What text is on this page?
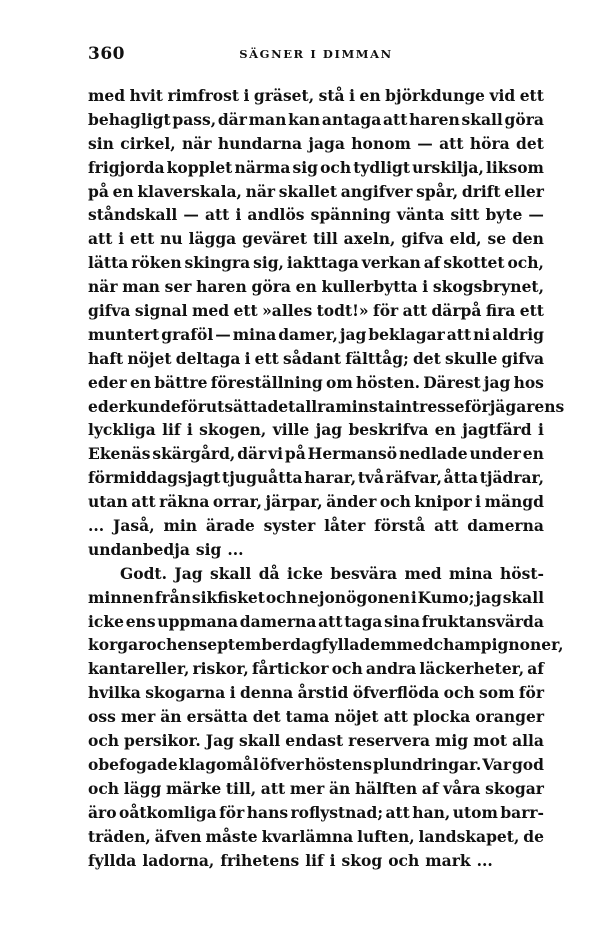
360	SÄGNER I DIMMAN
med hvit rimfrost i gräset, stå i en björkdunge vid ett
behagligt pass, där man kan antaga att haren skall göra
sin cirkel, när hundarna jaga honom — att höra det
frigjorda kopplet närma sig och tydligt urskilja, liksom
på en klaverskala, när skallet angifver spår, drift eller
ståndskall — att i andlös spänning vänta sitt byte —
att i ett nu lägga geväret till axeln, gifva eld, se den
lätta röken skingra sig, iakttaga verkan af skottet och,
när man ser haren göra en kullerbytta i skogsbrynet,
gifva signal med ett »alles todt!» för att därpå fira ett
muntert graföl — mina damer, jag beklagar att ni aldrig
haft nöjet deltaga i ett sådant fälttåg; det skulle gifva
eder en bättre föreställning om hösten. Därest jag hos
eder kunde förutsätta det allraminsta intresse för jägarens
lyckliga lif i skogen, ville jag beskrifva en jagtfärd i
Ekenäs skärgård, där vi på Hermansö nedlade under en
förmiddagsjagt tjuguåtta harar, två räfvar, åtta tjädrar,
utan att räkna orrar, järpar, änder och knipor i mängd
... Jaså, min ärade syster låter förstå att damerna
undanbedja sig ...
Godt. Jag skall då icke besvära med mina höst-
minnen från sikfisket och nejonögonen i Kumo; jag skall
icke ens uppmana damerna att taga sina fruktansvärda
korgar och en septemberdag fylla dem med champignoner,
kantareller, riskor, fårtickor och andra läckerheter, af
hvilka skogarna i denna årstid öfverflöda och som för
oss mer än ersätta det tama nöjet att plocka oranger
och persikor. Jag skall endast reservera mig mot alla
obefogade klagomål öfver höstens plundringar. Var god
och lägg märke till, att mer än hälften af våra skogar
äro oåtkomliga för hans roflystnad; att han, utom barr-
träden, äfven måste kvarlämna luften, landskapet, de
fyllda ladorna, frihetens lif i skog och mark ...
